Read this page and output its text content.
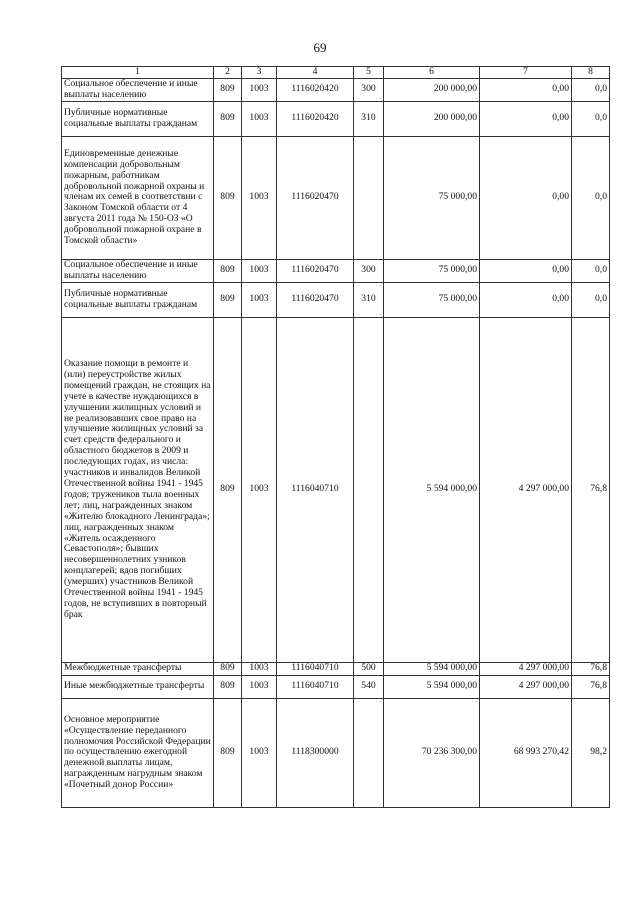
69
1	2	3	4	5	6	7	8
Социальное обеспечение и иные выплаты населению	809	1003	1116020420	300	200 000,00	0,00	0,0
Публичные нормативные социальные выплаты гражданам	809	1003	1116020420	310	200 000,00	0,00	0,0
Единовременные денежные компенсации добровольным пожарным, работникам добровольной пожарной охраны и членам их семей в соответствии с Законом Томской области от 4 августа 2011 года № 150-ОЗ «О добровольной пожарной охране в Томской области»	809	1003	1116020470		75 000,00	0,00	0,0
Социальное обеспечение и иные выплаты населению	809	1003	1116020470	300	75 000,00	0,00	0,0
Публичные нормативные социальные выплаты гражданам	809	1003	1116020470	310	75 000,00	0,00	0,0
Оказание помощи в ремонте и (или) переустройстве жилых помещений граждан, не стоящих на учете в качестве нуждающихся в улучшении жилищных условий и не реализовавших свое право на улучшение жилищных условий за счет средств федерального и областного бюджетов в 2009 и последующих годах, из числа: участников и инвалидов Великой Отечественной войны 1941 - 1945 годов; тружеников тыла военных лет; лиц, награжденных знаком «Жителю блокадного Ленинграда»; лиц, награжденных знаком «Житель осажденного Севастополя»; бывших несовершеннолетних узников концлагерей; вдов погибших (умерших) участников Великой Отечественной войны 1941 - 1945 годов, не вступивших в повторный брак	809	1003	1116040710		5 594 000,00	4 297 000,00	76,8
Межбюджетные трансферты	809	1003	1116040710	500	5 594 000,00	4 297 000,00	76,8
Иные межбюджетные трансферты	809	1003	1116040710	540	5 594 000,00	4 297 000,00	76,8
Основное мероприятие «Осуществление переданного полномочия Российской Федерации по осуществлению ежегодной денежной выплаты лицам, награжденным нагрудным знаком «Почетный донор России»	809	1003	1118300000		70 236 300,00	68 993 270,42	98,2
